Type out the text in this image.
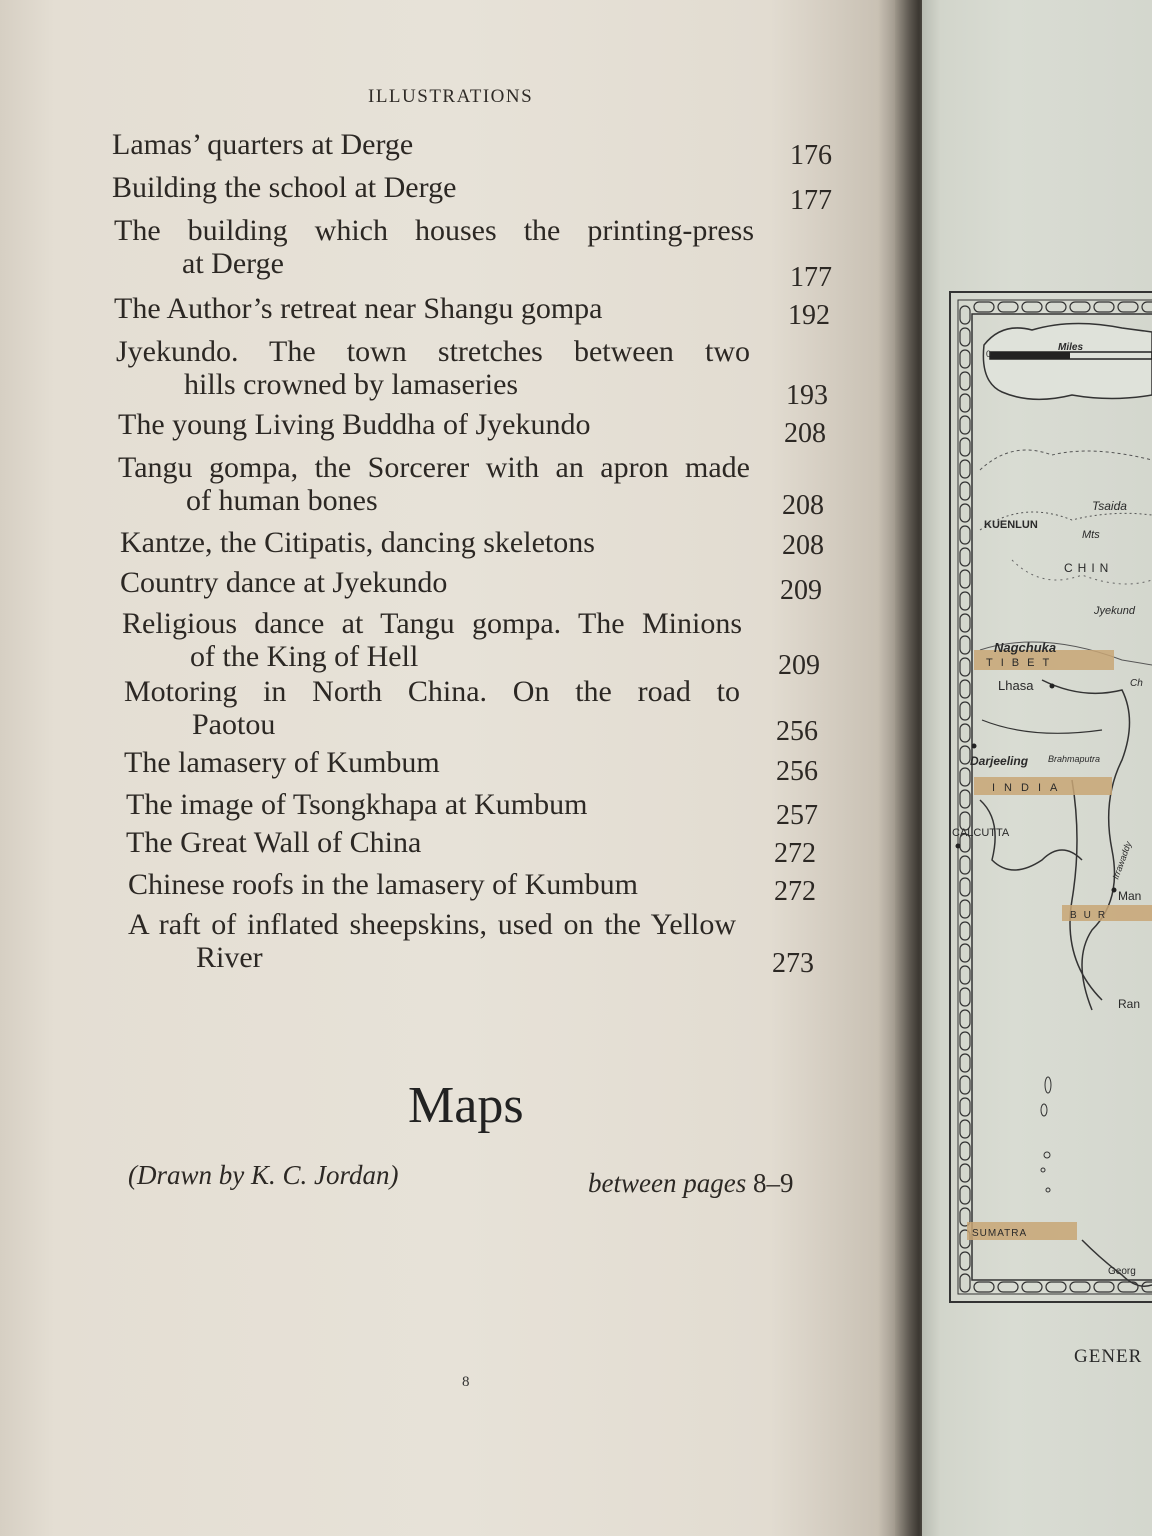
ILLUSTRATIONS
Lamas’ quarters at Derge	176
Building the school at Derge	177
The building which houses the printing-press
at Derge	177
The Author’s retreat near Shangu gompa	192
Jyekundo. The town stretches between two
hills crowned by lamaseries	193
The young Living Buddha of Jyekundo	208
Tangu gompa, the Sorcerer with an apron made
of human bones	208
Kantze, the Citipatis, dancing skeletons	208
Country dance at Jyekundo	209
Religious dance at Tangu gompa. The Minions
of the King of Hell	209
Motoring in North China. On the road to
Paotou	256
The lamasery of Kumbum	256
The image of Tsongkhapa at Kumbum	257
The Great Wall of China	272
Chinese roofs in the lamasery of Kumbum	272
A raft of inflated sheepskins, used on the Yellow
River	273
Maps
(Drawn by K. C. Jordan)	between pages 8–9
8
0
Miles
KUENLUN
Tsaida
Mts
CHIN
Jyekund
Nagchuka
TIBET
Lhasa	Ch
Darjeeling Brahmaputra
INDIA
CALCUTTA
Irrawaddy
Man
BUR
Ran
SUMATRA
Georg
GENER
